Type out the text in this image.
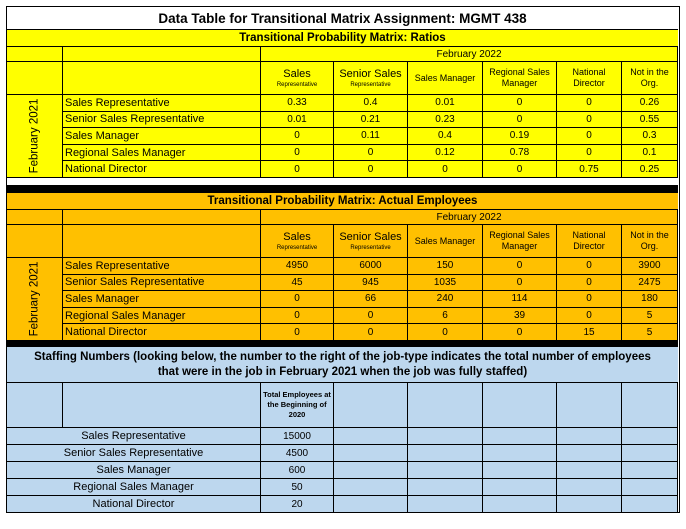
Data Table for Transitional Matrix Assignment: MGMT 438
Transitional Probability Matrix: Ratios
Transitional Probability Matrix: Actual Employees
Staffing Numbers (looking below, the number to the right of the job-type indicates the total number of employees that were in the job in February 2021 when the job was fully staffed)
February 2022
Sales
Representative
Senior Sales
Representative
Sales Manager
Regional Sales Manager
National Director
Not in the Org.
February 2021 Sales Representative	0.33	0.4	0.01	0	0	0.26
Senior Sales Representative	0.01	0.21	0.23	0	0	0.55
Sales Manager	0	0.11	0.4	0.19	0	0.3
Regional Sales Manager	0	0	0.12	0.78	0	0.1
National Director	0	0	0	0	0.75	0.25
February 2022
Sales
Representative
Senior Sales
Representative
Sales Manager
Regional Sales Manager
National Director
Not in the Org.
February 2021 Sales Representative	4950	6000	150	0	0	3900
Senior Sales Representative	45	945	1035	0	0	2475
Sales Manager	0	66	240	114	0	180
Regional Sales Manager	0	0	6	39	0	5
National Director	0	0	0	0	15	5
Total Employees at the Beginning of 2020
Sales Representative	15000
Senior Sales Representative	4500
Sales Manager	600
Regional Sales Manager	50
National Director	20
